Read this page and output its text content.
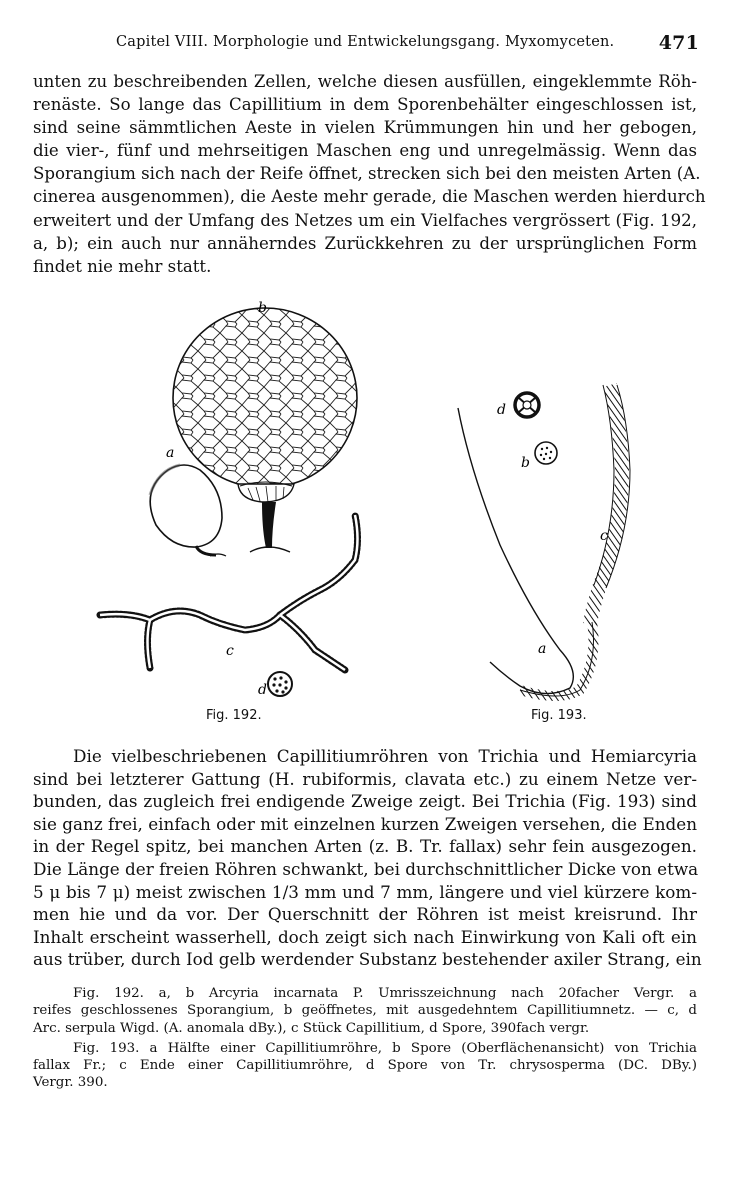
Capitel VIII. Morphologie und Entwickelungsgang. Myxomyceten. 471
unten zu beschreibenden Zellen, welche diesen ausfüllen, eingeklemmte Röh-
renäste. So lange das Capillitium in dem Sporenbehälter eingeschlossen ist,
sind seine sämmtlichen Aeste in vielen Krümmungen hin und her gebogen,
die vier-, fünf und mehrseitigen Maschen eng und unregelmässig. Wenn das
Sporangium sich nach der Reife öffnet, strecken sich bei den meisten Arten (A.
cinerea ausgenommen), die Aeste mehr gerade, die Maschen werden hierdurch
erweitert und der Umfang des Netzes um ein Vielfaches vergrössert (Fig. 192,
a, b); ein auch nur annäherndes Zurückkehren zu der ursprünglichen Form
findet nie mehr statt.
b
a
c
d
d
b
c
a
Fig. 192.	Fig. 193.
Die vielbeschriebenen Capillitiumröhren von Trichia und Hemiarcyria
sind bei letzterer Gattung (H. rubiformis, clavata etc.) zu einem Netze ver-
bunden, das zugleich frei endigende Zweige zeigt. Bei Trichia (Fig. 193) sind
sie ganz frei, einfach oder mit einzelnen kurzen Zweigen versehen, die Enden
in der Regel spitz, bei manchen Arten (z. B. Tr. fallax) sehr fein ausgezogen.
Die Länge der freien Röhren schwankt, bei durchschnittlicher Dicke von etwa
5 μ bis 7 μ) meist zwischen 1/3 mm und 7 mm, längere und viel kürzere kom-
men hie und da vor. Der Querschnitt der Röhren ist meist kreisrund. Ihr
Inhalt erscheint wasserhell, doch zeigt sich nach Einwirkung von Kali oft ein
aus trüber, durch Iod gelb werdender Substanz bestehender axiler Strang, ein
Fig. 192. a, b Arcyria incarnata P. Umrisszeichnung nach 20facher Vergr. a
reifes geschlossenes Sporangium, b geöffnetes, mit ausgedehntem Capillitiumnetz. — c, d
Arc. serpula Wigd. (A. anomala dBy.), c Stück Capillitium, d Spore, 390fach vergr.
Fig. 193. a Hälfte einer Capillitiumröhre, b Spore (Oberflächenansicht) von Trichia
fallax Fr.; c Ende einer Capillitiumröhre, d Spore von Tr. chrysosperma (DC. DBy.)
Vergr. 390.
